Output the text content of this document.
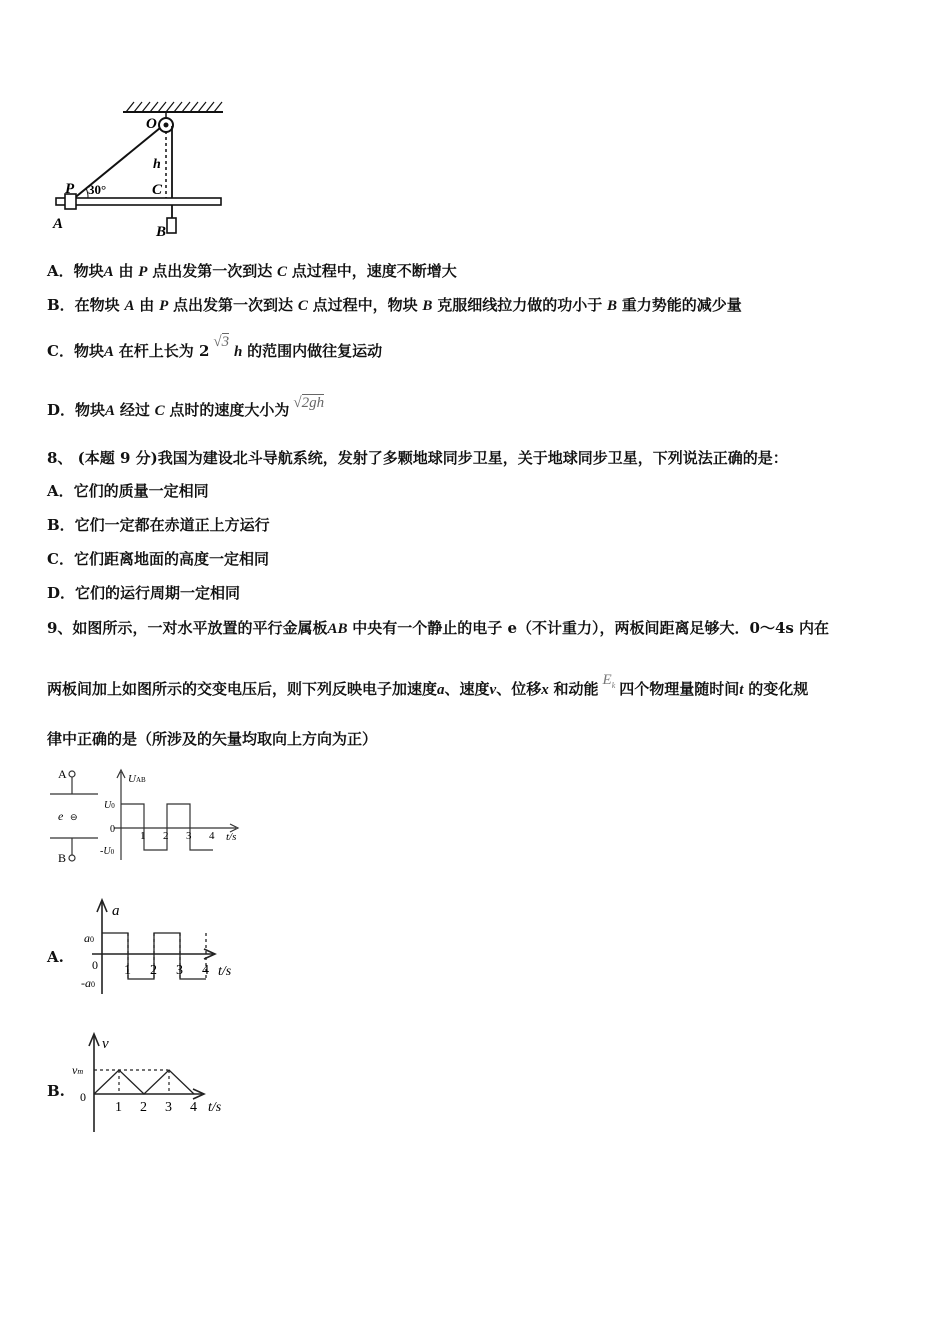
O
h
P 30°	C
A	B
A．物块A 由 P 点出发第一次到达 C 点过程中，速度不断增大
B．在物块 A 由 P 点出发第一次到达 C 点过程中，物块 B 克服细线拉力做的功小于 B 重力势能的减少量
C．物块A 在杆上长为 2 √3 h 的范围内做往复运动
D．物块A 经过 C 点时的速度大小为 √2gh
8、 (本题 9 分)我国为建设北斗导航系统，发射了多颗地球同步卫星，关于地球同步卫星，下列说法正确的是：
A．它们的质量一定相同
B．它们一定都在赤道正上方运行
C．它们距离地面的高度一定相同
D．它们的运行周期一定相同
9、如图所示，一对水平放置的平行金属板AB 中央有一个静止的电子 e（不计重力），两板间距离足够大．0～4s 内在
两板间加上如图所示的交变电压后，则下列反映电子加速度a、速度v、位移x 和动能 $E_k$ 四个物理量随时间t 的变化规
律中正确的是（所涉及的矢量均取向上方向为正）
A
B
e ⊖
UAB
U0
-U0
0
1 2 3 4 t/s
A.
a
a0
-a0
0 1 2 3 4 t/s
B.
v
vm
0
1 2 3 4 t/s
